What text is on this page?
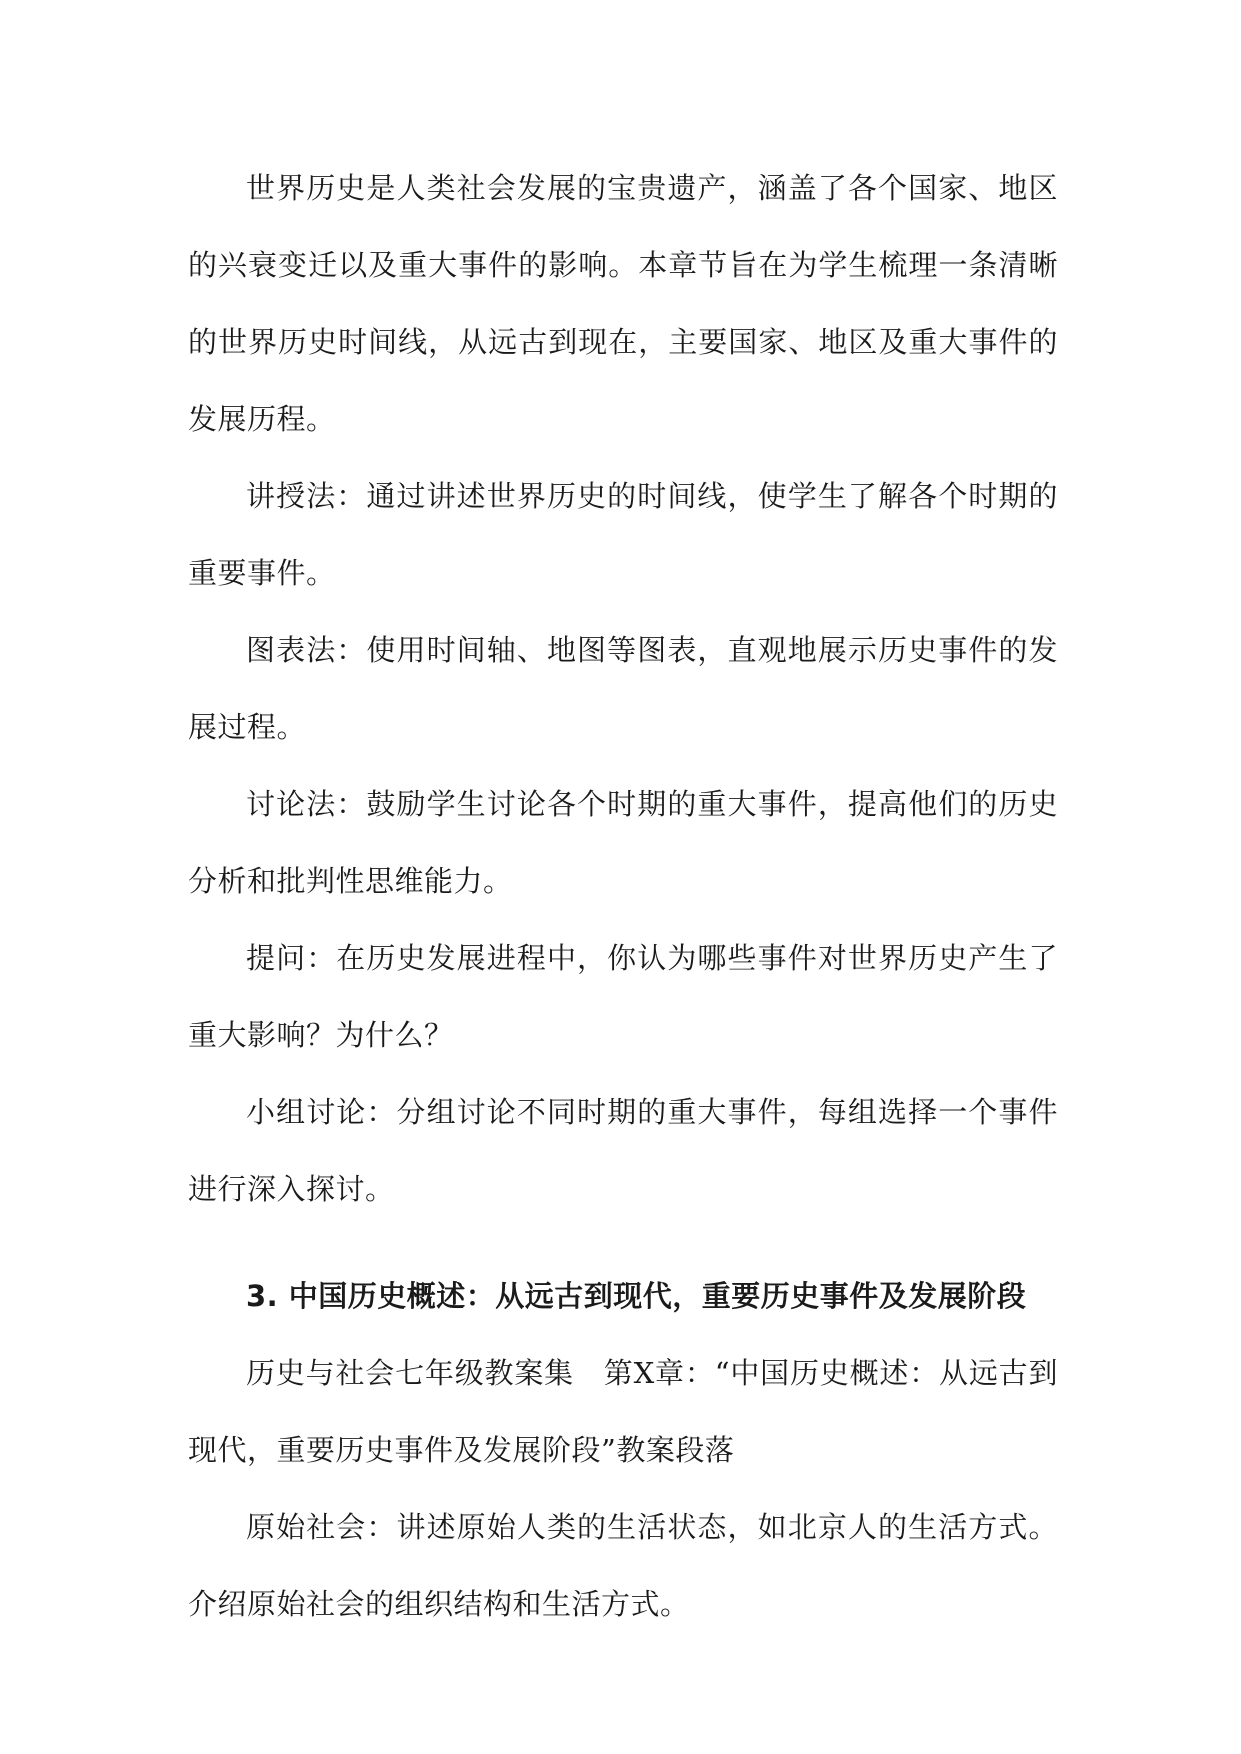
世界历史是人类社会发展的宝贵遗产，涵盖了各个国家、地区的兴衰变迁以及重大事件的影响。本章节旨在为学生梳理一条清晰的世界历史时间线，从远古到现在，主要国家、地区及重大事件的发展历程。

讲授法：通过讲述世界历史的时间线，使学生了解各个时期的重要事件。

图表法：使用时间轴、地图等图表，直观地展示历史事件的发展过程。

讨论法：鼓励学生讨论各个时期的重大事件，提高他们的历史分析和批判性思维能力。

提问：在历史发展进程中，你认为哪些事件对世界历史产生了重大影响？为什么？

小组讨论：分组讨论不同时期的重大事件，每组选择一个事件进行深入探讨。

3. 中国历史概述：从远古到现代，重要历史事件及发展阶段

历史与社会七年级教案集　第X章：“中国历史概述：从远古到现代，重要历史事件及发展阶段”教案段落

原始社会：讲述原始人类的生活状态，如北京人的生活方式。介绍原始社会的组织结构和生活方式。
